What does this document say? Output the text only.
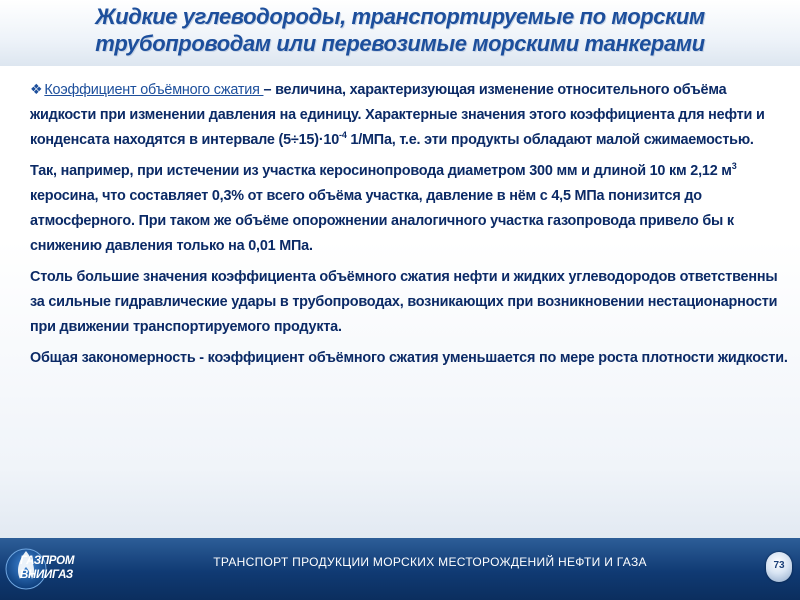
Жидкие углеводороды, транспортируемые по морским
трубопроводам или перевозимые морскими танкерами

❖ Коэффициент объёмного сжатия – величина, характеризующая изменение относительного объёма жидкости при изменении давления на единицу. Характерные значения этого коэффициента для нефти и конденсата находятся в интервале $(5\div 15)\cdot 10^{-4}$ 1/МПа, т.е. эти продукты обладают малой сжимаемостью.

Так, например, при истечении из участка керосинопровода диаметром 300 мм и длиной 10 км 2,12 $м^3$ керосина, что составляет 0,3% от всего объёма участка, давление в нём с 4,5 МПа понизится до атмосферного. При таком же объёме опорожнении аналогичного участка газопровода привело бы к снижению давления только на 0,01 МПа.

Столь большие значения коэффициента объёмного сжатия нефти и жидких углеводородов ответственны за сильные гидравлические удары в трубопроводах, возникающих при возникновении нестационарности при движении транспортируемого продукта.

Общая закономерность - коэффициент объёмного сжатия уменьшается по мере роста плотности жидкости.

ГАЗПРОМ
ВНИИГАЗ
ТРАНСПОРТ ПРОДУКЦИИ МОРСКИХ МЕСТОРОЖДЕНИЙ НЕФТИ И ГАЗА	73
